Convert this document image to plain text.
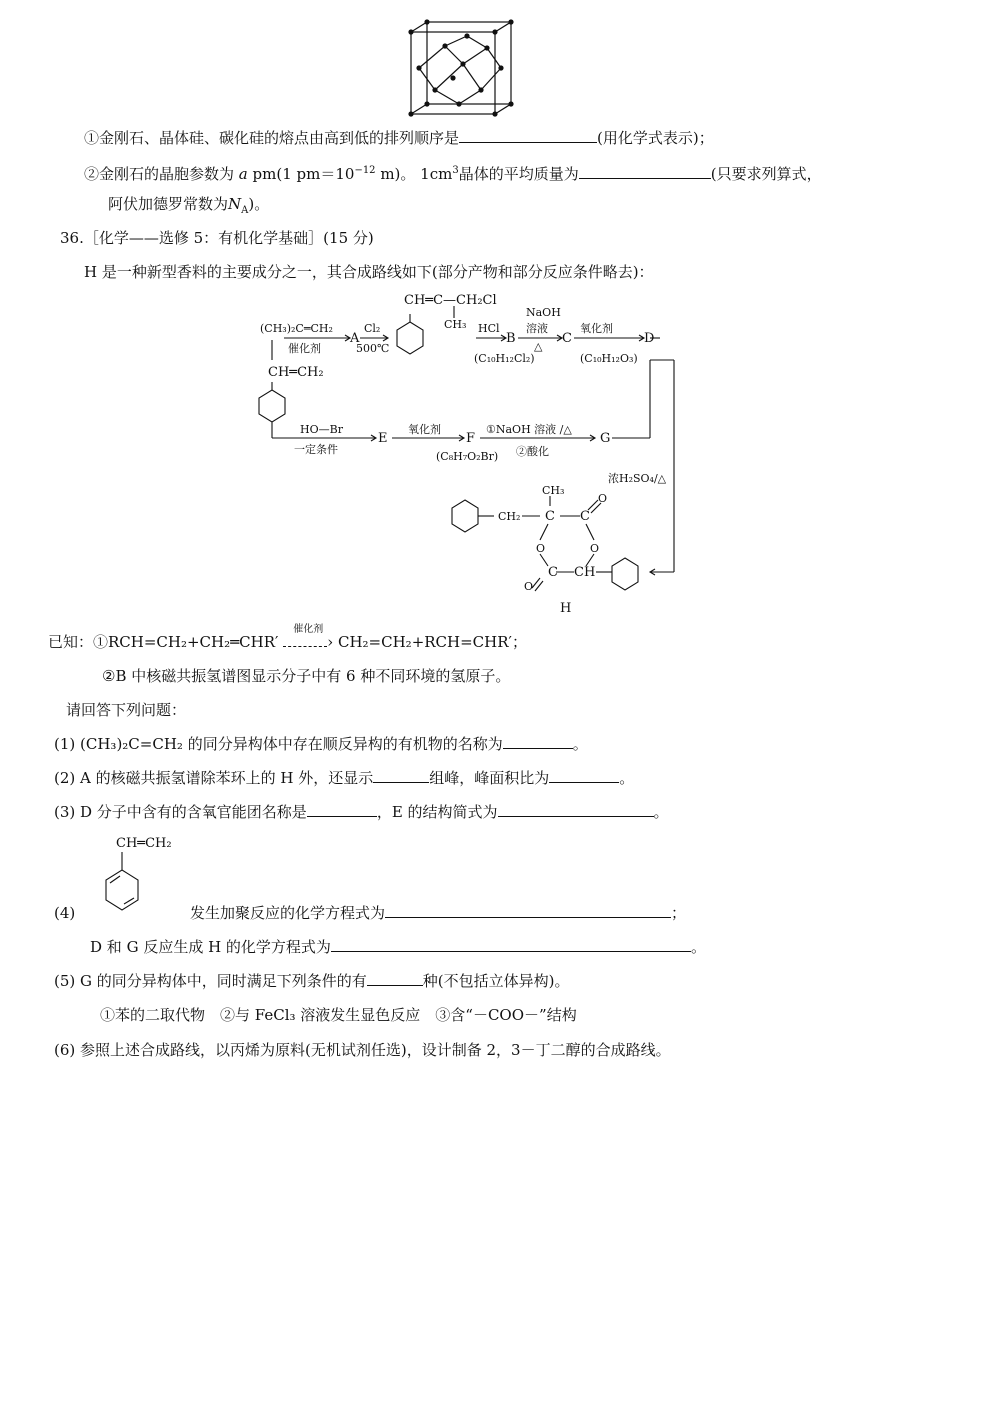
①金刚石、晶体硅、碳化硅的熔点由高到低的排列顺序是	(用化学式表示)；
②金刚石的晶胞参数为 a pm(1 $pm=10^{-12}$ m)。 $1cm^3$晶体的平均质量为	(只要求列算式，
阿伏加德罗常数为$N_A$)。
36.［化学——选修 5：有机化学基础］(15 分)
H 是一种新型香料的主要成分之一，其合成路线如下(部分产物和部分反应条件略去)：
(CH₃)₂C═CH₂
催化剂
A
Cl₂
500℃
CH═CH₂
CH═C—CH₂Cl
CH₃ HCl
B
(C₁₀H₁₂Cl₂)
NaOH
溶液
△
C
氧化剂
D
(C₁₀H₁₂O₃)
HO—Br
一定条件
E
氧化剂
F
(C₈H₇O₂Br)
①NaOH 溶液 /△
②酸化
G
浓H₂SO₄/△
CH₂ C
CH₃
C
O
O	O
C CH
O
H
已知：①RCH=CH₂+CH₂═CHR′
催化剂
› CH₂=CH₂+RCH=CHR′；
②B 中核磁共振氢谱图显示分子中有 6 种不同环境的氢原子。
请回答下列问题：
(1) (CH₃)₂C=CH₂ 的同分异构体中存在顺反异构的有机物的名称为	。
(2) A 的核磁共振氢谱除苯环上的 H 外，还显示	组峰，峰面积比为	。
(3) D 分子中含有的含氧官能团名称是	，E 的结构简式为	。
CH═CH₂
(4)	发生加聚反应的化学方程式为	；
D 和 G 反应生成 H 的化学方程式为	。
(5) G 的同分异构体中，同时满足下列条件的有	种(不包括立体异构)。
①苯的二取代物　②与 FeCl₃ 溶液发生显色反应　③含“－COO－”结构
(6) 参照上述合成路线，以丙烯为原料(无机试剂任选)，设计制备 2，3－丁二醇的合成路线。
